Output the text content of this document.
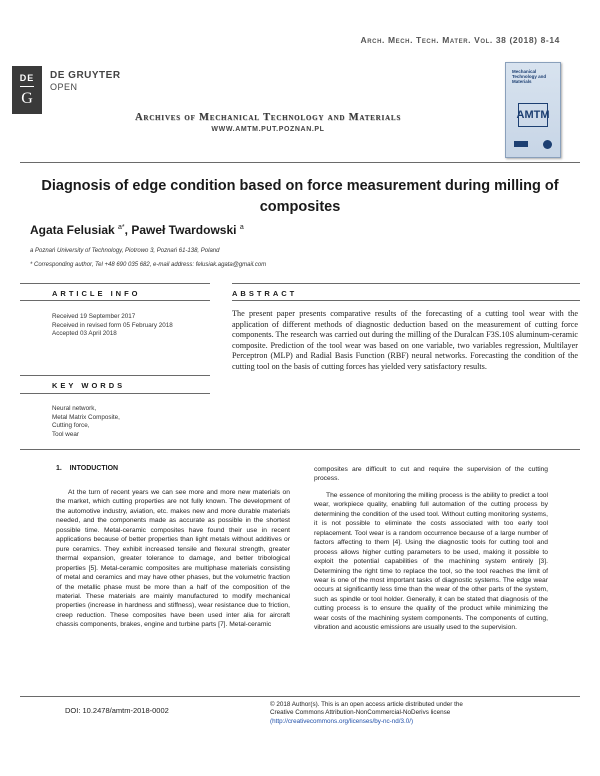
Arch. Mech. Tech. Mater. Vol. 38 (2018) 8-14
DE
G
DE GRUYTER
OPEN
Archives of Mechanical Technology and Materials
WWW.AMTM.PUT.POZNAN.PL
Mechanical Technology and Materials
AMTM
Diagnosis of edge condition based on force measurement during milling of composites
Agata Felusiak $^{a*}$, Paweł Twardowski $^a$
a Poznań University of Technology, Piotrowo 3, Poznań 61-138, Poland
* Corresponding author, Tel +48 690 035 682, e-mail address: felusiak.agata@gmail.com
ARTICLE INFO
Received 19 September 2017
Received in revised form 05 February 2018
Accepted 03 April 2018
KEY WORDS
Neural network,
Metal Matrix Composite,
Cutting force,
Tool wear
ABSTRACT
The present paper presents comparative results of the forecasting of a cutting tool wear with the application of different methods of diagnostic deduction based on the measurement of cutting force components. The research was carried out during the milling of the Duralcan F3S.10S aluminum-ceramic composite. Prediction of the tool wear was based on one variable, two variables regression, Multilayer Perceptron (MLP) and Radial Basis Function (RBF) neural networks. Forecasting the condition of the cutting tool on the basis of cutting forces has yielded very satisfactory results.
1.    INTODUCTION

At the turn of recent years we can see more and more new materials on the market, which cutting properties are not fully known. The development of the automotive industry, aviation, etc. makes new and more durable materials needed, and the components made as accurate as possible in the shortest possible time. Metal-ceramic composites have found their use in recent applications because of better properties than light metals without additives or pure ceramics. They exhibit increased tensile and flexural strength, greater thermal expansion, greater tolerance to damage, and better tribological properties [5]. Metal-ceramic composites are multiphase materials consisting of metal and ceramics and may have other phases, but the volumetric fraction of the metallic phase must be more than a half of the composition of the material. These materials are mainly manufactured to modify mechanical properties (increase in hardness and stiffness), wear resistance due to friction, creep reduction. These composites have been used inter alia for aircraft chassis components, brakes, engine and turbine parts [7]. Metal-ceramic

composites are difficult to cut and require the supervision of the cutting process.

The essence of monitoring the milling process is the ability to predict a tool wear, workpiece quality, enabling full automation of the cutting process by determining the condition of the used tool. Without cutting monitoring systems, it is not possible to eliminate the costs associated with too early tool replacement. Tool wear is a random occurrence because of a large number of factors affecting to them [4]. Using the diagnostic tools for cutting tool and process allows higher cutting parameters to be used, making it possible to exploit the potential capabilities of the machining system entirely [3]. Determining the right time to replace the tool, so the tool reaches the limit of wear is one of the most important tasks of diagnostic systems. The edge wear occurs at significantly less time than the wear of the other parts of the system, such as spindle or tool holder. Generally, it can be stated that diagnosis of the cutting process is to ensure the quality of the product while minimizing the wear costs of the machining system components. The components of cutting, vibration and acoustic emissions are usually used to the supervision.

DOI: 10.2478/amtm-2018-0002
© 2018 Author(s). This is an open access article distributed under the
Creative Commons Attribution-NonCommercial-NoDerivs license
(http://creativecommons.org/licenses/by-nc-nd/3.0/)
